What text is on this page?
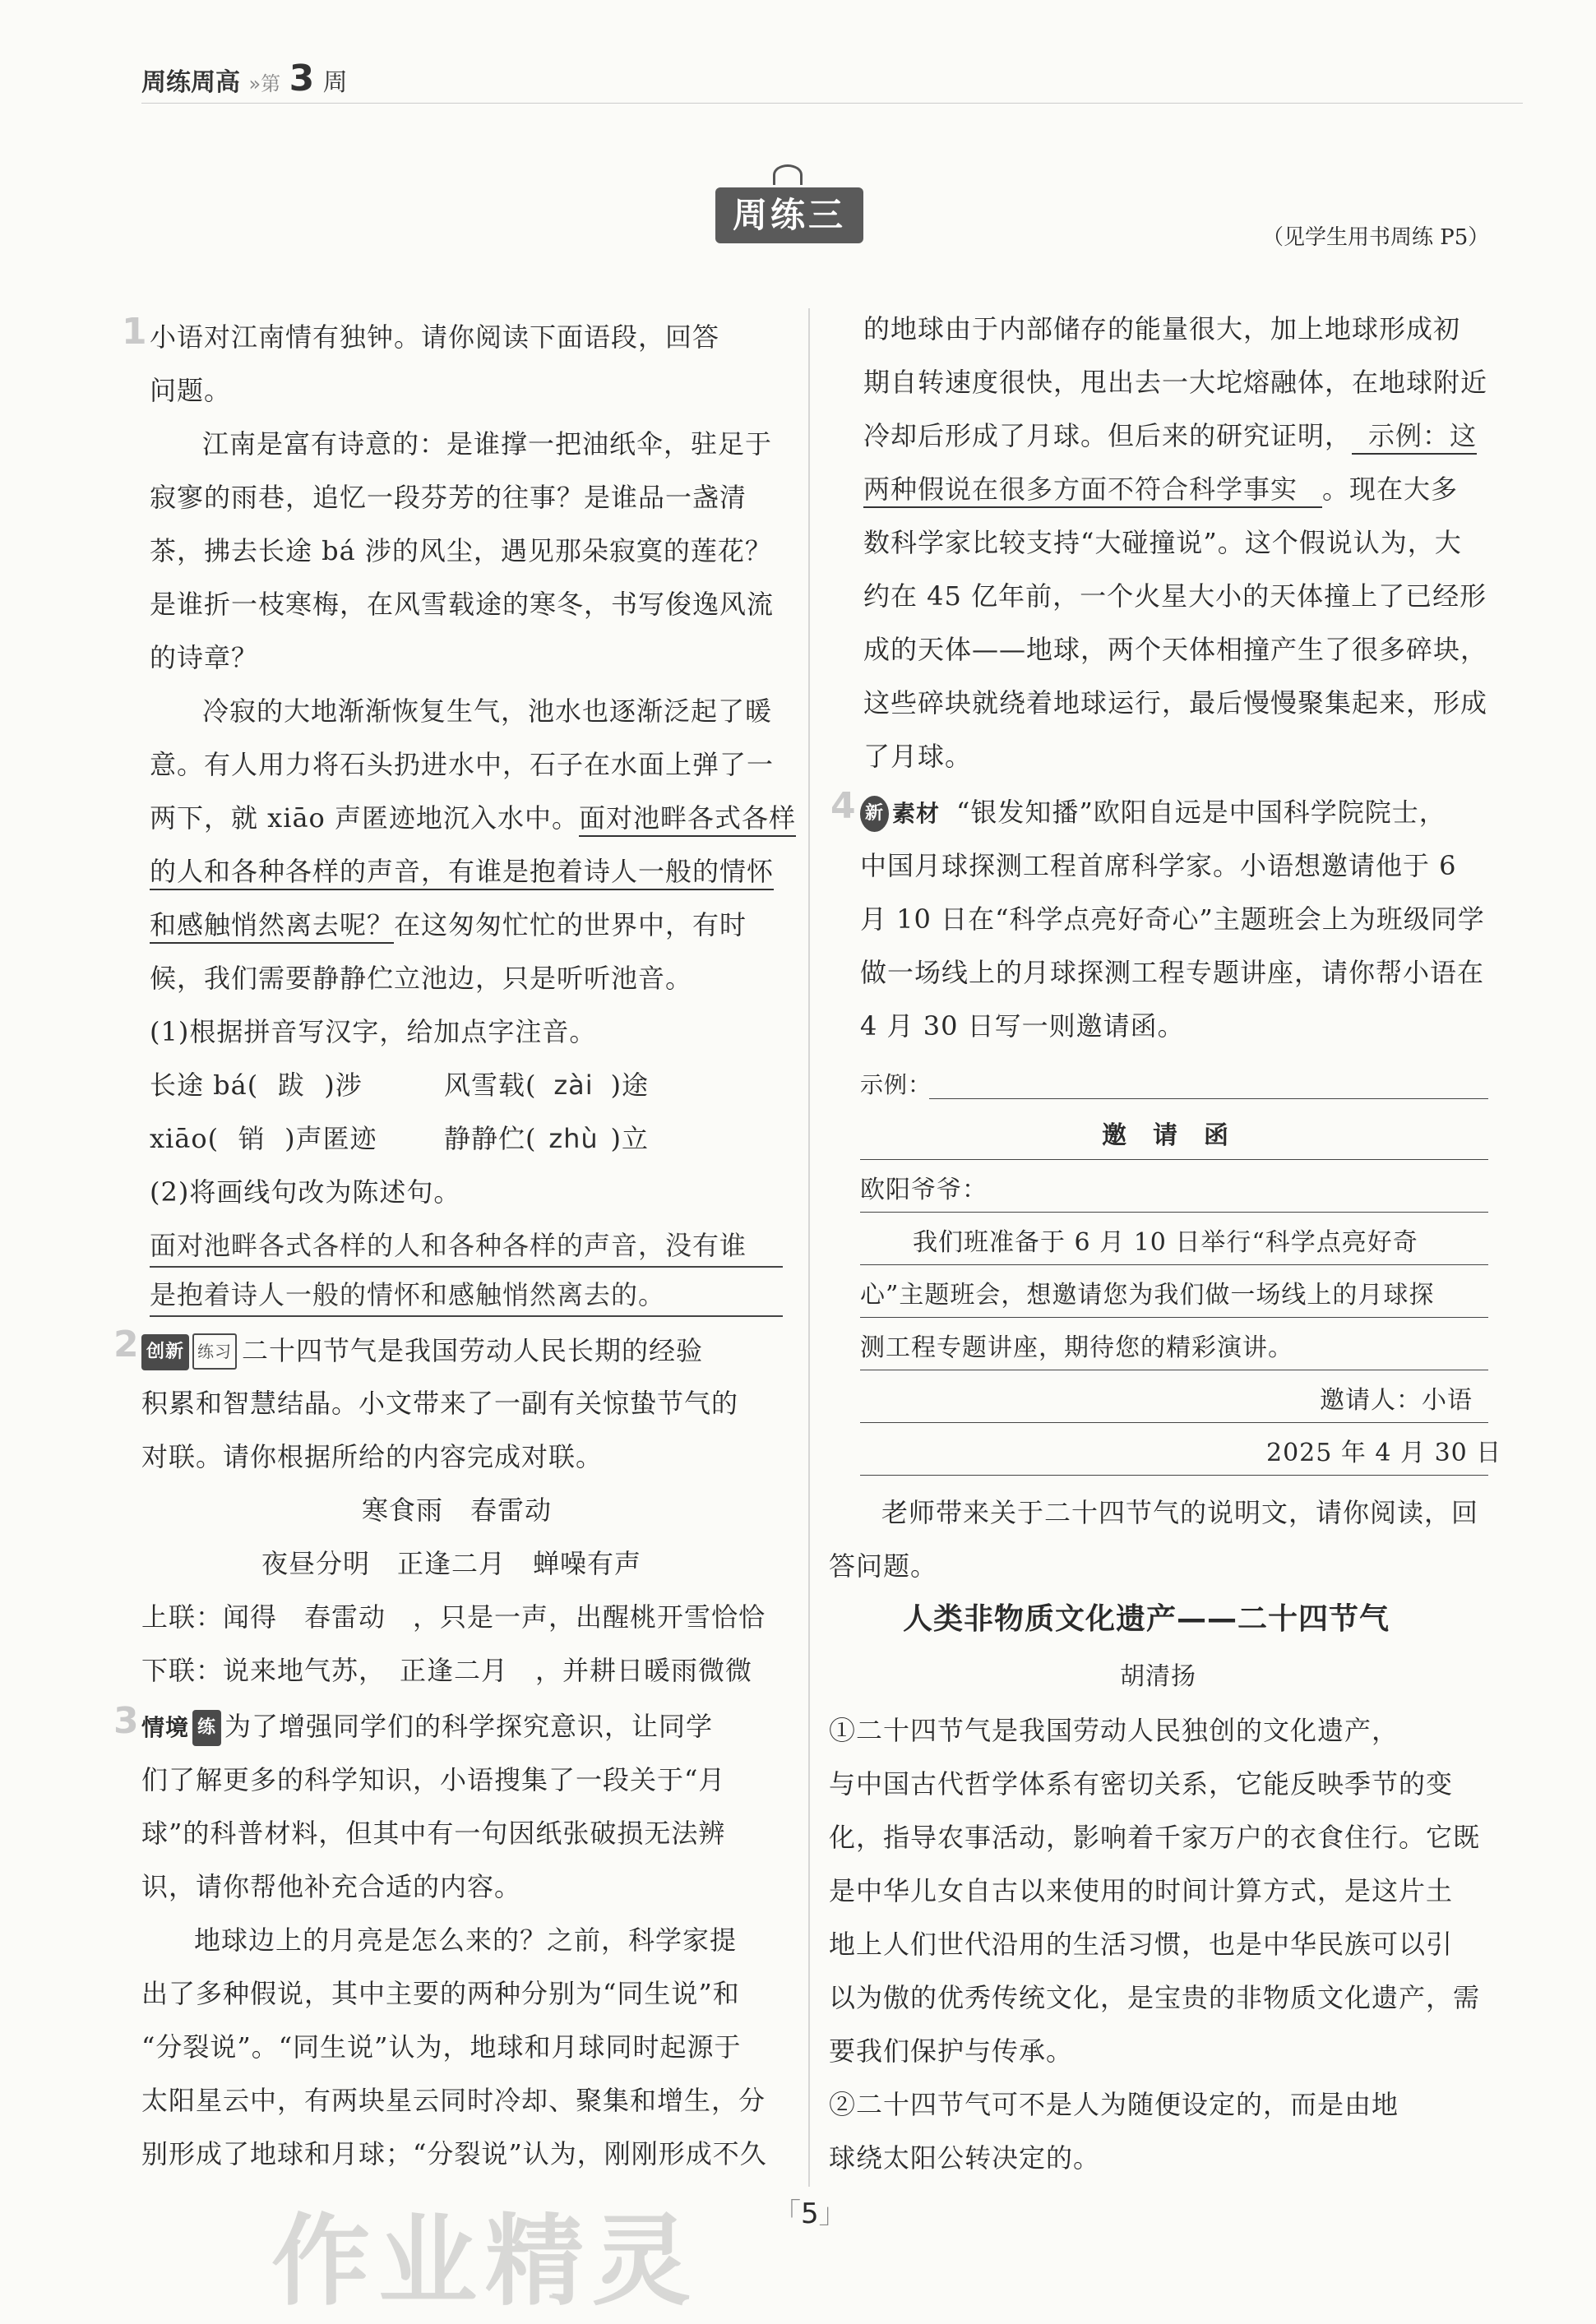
周练周高 »第 3 周
周练三
（见学生用书周练 P5）
1 小语对江南情有独钟。请你阅读下面语段，回答
问题。
江南是富有诗意的：是谁撑一把油纸伞，驻足于
寂寥的雨巷，追忆一段芬芳的往事？是谁品一盏清
茶，拂去长途 bá 涉的风尘，遇见那朵寂寞的莲花？
是谁折一枝寒梅，在风雪载途的寒冬，书写俊逸风流
的诗章？
冷寂的大地渐渐恢复生气，池水也逐渐泛起了暖
意。有人用力将石头扔进水中，石子在水面上弹了一
两下，就 xiāo 声匿迹地沉入水中。面对池畔各式各样
的人和各种各样的声音，有谁是抱着诗人一般的情怀
和感触悄然离去呢？在这匆匆忙忙的世界中，有时
候，我们需要静静伫立池边，只是听听池音。
(1)根据拼音写汉字，给加点字注音。
长途 bá( 跋 )涉	风雪载( zài )途
xiāo( 销 )声匿迹	静静伫( zhù )立
(2)将画线句改为陈述句。
面对池畔各式各样的人和各种各样的声音，没有谁
是抱着诗人一般的情怀和感触悄然离去的。
2 创新 练习 二十四节气是我国劳动人民长期的经验
积累和智慧结晶。小文带来了一副有关惊蛰节气的
对联。请你根据所给的内容完成对联。
寒食雨　春雷动
夜昼分明　正逢二月　蝉噪有声
上联：闻得　春雷动　，只是一声，出醒桃开雪恰恰
下联：说来地气苏，　正逢二月　，并耕日暖雨微微
3 情境 练 为了增强同学们的科学探究意识，让同学
们了解更多的科学知识，小语搜集了一段关于“月
球”的科普材料，但其中有一句因纸张破损无法辨
识，请你帮他补充合适的内容。
地球边上的月亮是怎么来的？之前，科学家提
出了多种假说，其中主要的两种分别为“同生说”和
“分裂说”。“同生说”认为，地球和月球同时起源于
太阳星云中，有两块星云同时冷却、聚集和增生，分
别形成了地球和月球；“分裂说”认为，刚刚形成不久
的地球由于内部储存的能量很大，加上地球形成初
期自转速度很快，甩出去一大坨熔融体，在地球附近
冷却后形成了月球。但后来的研究证明， 示例：这
两种假说在很多方面不符合科学事实 。现在大多
数科学家比较支持“大碰撞说”。这个假说认为，大
约在 45 亿年前，一个火星大小的天体撞上了已经形
成的天体——地球，两个天体相撞产生了很多碎块，
这些碎块就绕着地球运行，最后慢慢聚集起来，形成
了月球。
4 新 素材 “银发知播”欧阳自远是中国科学院院士，
中国月球探测工程首席科学家。小语想邀请他于 6
月 10 日在“科学点亮好奇心”主题班会上为班级同学
做一场线上的月球探测工程专题讲座，请你帮小语在
4 月 30 日写一则邀请函。
示例：
邀　请　函
欧阳爷爷：
我们班准备于 6 月 10 日举行“科学点亮好奇
心”主题班会，想邀请您为我们做一场线上的月球探
测工程专题讲座，期待您的精彩演讲。
邀请人：小语
2025 年 4 月 30 日
老师带来关于二十四节气的说明文，请你阅读，回
答问题。
人类非物质文化遗产——二十四节气
胡清扬
①二十四节气是我国劳动人民独创的文化遗产，
与中国古代哲学体系有密切关系，它能反映季节的变
化，指导农事活动，影响着千家万户的衣食住行。它既
是中华儿女自古以来使用的时间计算方式，是这片土
地上人们世代沿用的生活习惯，也是中华民族可以引
以为傲的优秀传统文化，是宝贵的非物质文化遗产，需
要我们保护与传承。
②二十四节气可不是人为随便设定的，而是由地
球绕太阳公转决定的。
「5」
作业精灵
